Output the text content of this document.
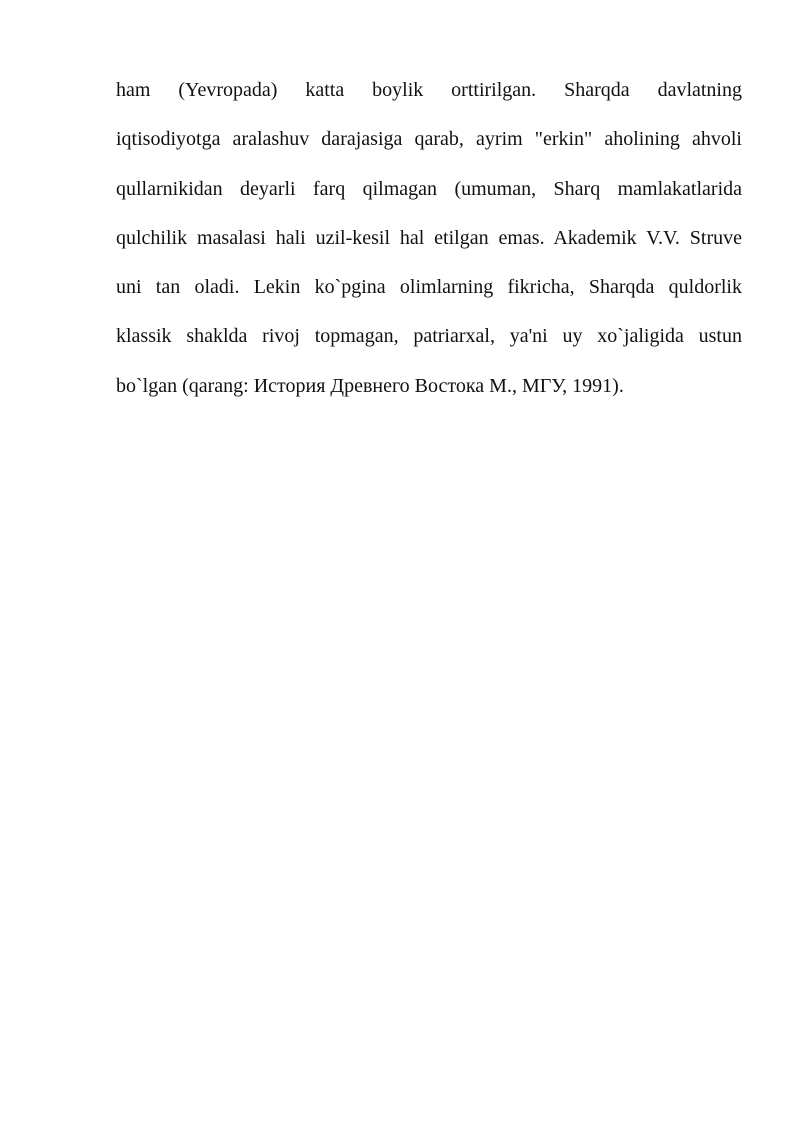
ham (Yevropada) katta boylik orttirilgan. Sharqda davlatning
iqtisodiyotga aralashuv darajasiga qarab, ayrim "erkin" aholining ahvoli
qullarnikidan deyarli farq qilmagan (umuman, Sharq mamlakatlarida
qulchilik masalasi hali uzil-kesil hal etilgan emas. Akademik V.V. Struve
uni tan oladi. Lekin ko`pgina olimlarning fikricha, Sharqda quldorlik
klassik shaklda rivoj topmagan, patriarxal, ya'ni uy xo`jaligida ustun
bo`lgan (qarang: История Древнего Востока М., МГУ, 1991).
